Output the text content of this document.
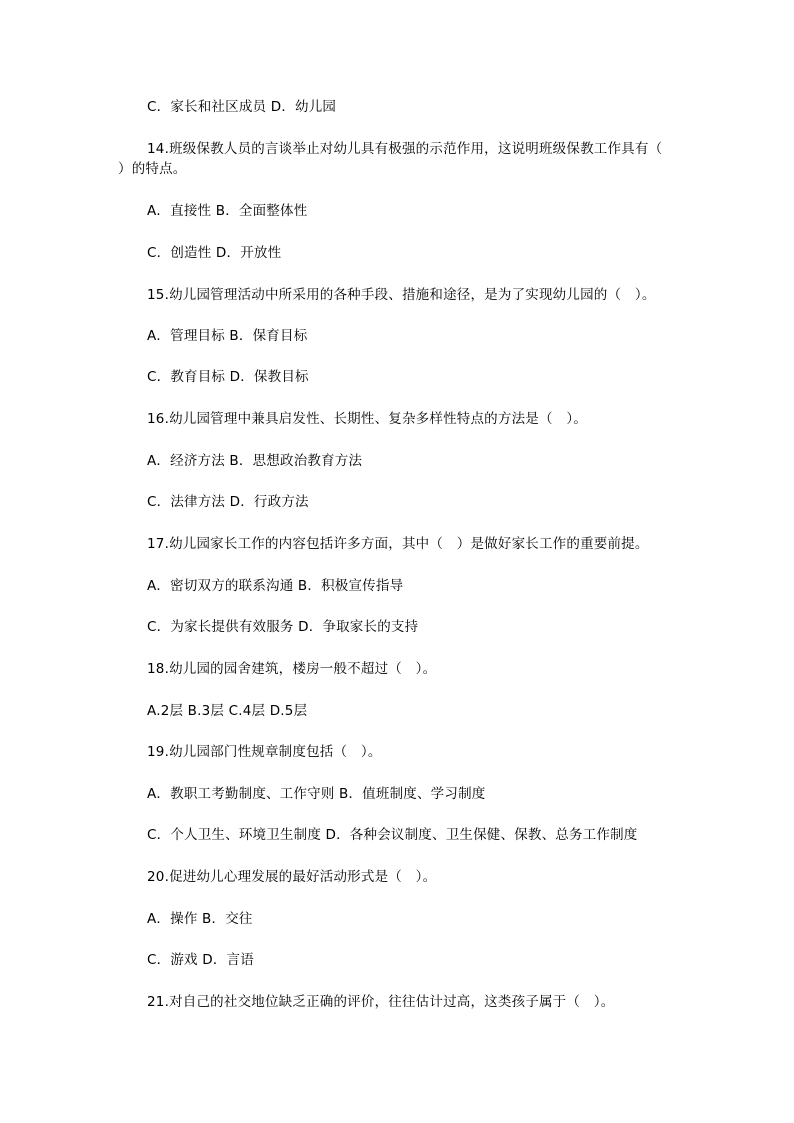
C．家长和社区成员 D．幼儿园
14.班级保教人员的言谈举止对幼儿具有极强的示范作用，这说明班级保教工作具有（
）的特点。
A．直接性 B．全面整体性
C．创造性 D．开放性
15.幼儿园管理活动中所采用的各种手段、措施和途径，是为了实现幼儿园的（　）。
A．管理目标 B．保育目标
C．教育目标 D．保教目标
16.幼儿园管理中兼具启发性、长期性、复杂多样性特点的方法是（　）。
A．经济方法 B．思想政治教育方法
C．法律方法 D．行政方法
17.幼儿园家长工作的内容包括许多方面，其中（　）是做好家长工作的重要前提。
A．密切双方的联系沟通 B．积极宣传指导
C．为家长提供有效服务 D．争取家长的支持
18.幼儿园的园舍建筑，楼房一般不超过（　）。
A.2层 B.3层 C.4层 D.5层
19.幼儿园部门性规章制度包括（　）。
A．教职工考勤制度、工作守则 B．值班制度、学习制度
C．个人卫生、环境卫生制度 D．各种会议制度、卫生保健、保教、总务工作制度
20.促进幼儿心理发展的最好活动形式是（　）。
A．操作 B．交往
C．游戏 D．言语
21.对自己的社交地位缺乏正确的评价，往往估计过高，这类孩子属于（　）。
